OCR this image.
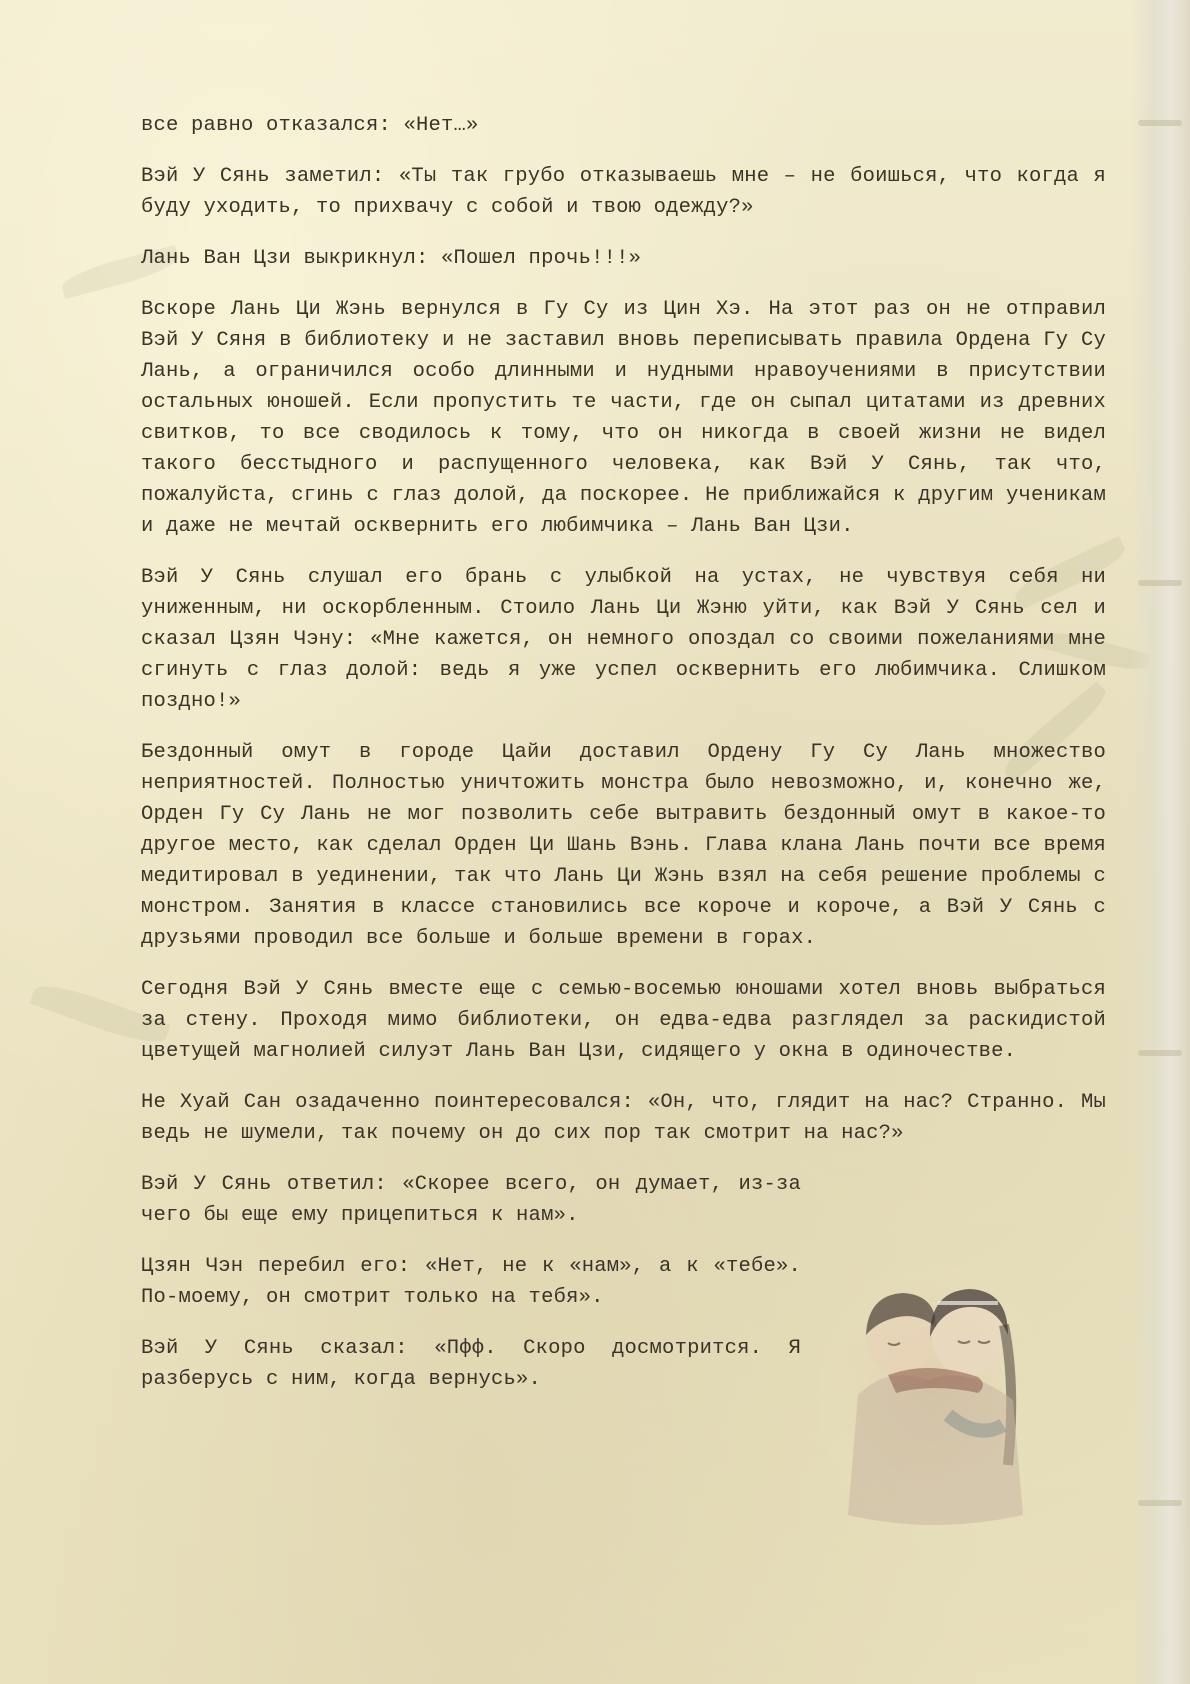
все равно отказался: «Нет…»

Вэй У Сянь заметил: «Ты так грубо отказываешь мне – не боишься, что когда я буду уходить, то прихвачу с собой и твою одежду?»

Лань Ван Цзи выкрикнул: «Пошел прочь!!!»

Вскоре Лань Ци Жэнь вернулся в Гу Су из Цин Хэ. На этот раз он не отправил Вэй У Сяня в библиотеку и не заставил вновь переписывать правила Ордена Гу Су Лань, а ограничился особо длинными и нудными нравоучениями в присутствии остальных юношей. Если пропустить те части, где он сыпал цитатами из древних свитков, то все сводилось к тому, что он никогда в своей жизни не видел такого бесстыдного и распущенного человека, как Вэй У Сянь, так что, пожалуйста, сгинь с глаз долой, да поскорее. Не приближайся к другим ученикам и даже не мечтай осквернить его любимчика – Лань Ван Цзи.

Вэй У Сянь слушал его брань с улыбкой на устах, не чувствуя себя ни униженным, ни оскорбленным. Стоило Лань Ци Жэню уйти, как Вэй У Сянь сел и сказал Цзян Чэну: «Мне кажется, он немного опоздал со своими пожеланиями мне сгинуть с глаз долой: ведь я уже успел осквернить его любимчика. Слишком поздно!»

Бездонный омут в городе Цайи доставил Ордену Гу Су Лань множество неприятностей. Полностью уничтожить монстра было невозможно, и, конечно же, Орден Гу Су Лань не мог позволить себе вытравить бездонный омут в какое-то другое место, как сделал Орден Ци Шань Вэнь. Глава клана Лань почти все время медитировал в уединении, так что Лань Ци Жэнь взял на себя решение проблемы с монстром. Занятия в классе становились все короче и короче, а Вэй У Сянь с друзьями проводил все больше и больше времени в горах.

Сегодня Вэй У Сянь вместе еще с семью-восемью юношами хотел вновь выбраться за стену. Проходя мимо библиотеки, он едва-едва разглядел за раскидистой цветущей магнолией силуэт Лань Ван Цзи, сидящего у окна в одиночестве.

Не Хуай Сан озадаченно поинтересовался: «Он, что, глядит на нас? Странно. Мы ведь не шумели, так почему он до сих пор так смотрит на нас?»

Вэй У Сянь ответил: «Скорее всего, он думает, из-за чего бы еще ему прицепиться к нам».

Цзян Чэн перебил его: «Нет, не к «нам», а к «тебе». По-моему, он смотрит только на тебя».

Вэй У Сянь сказал: «Пфф. Скоро досмотрится. Я разберусь с ним, когда вернусь».
